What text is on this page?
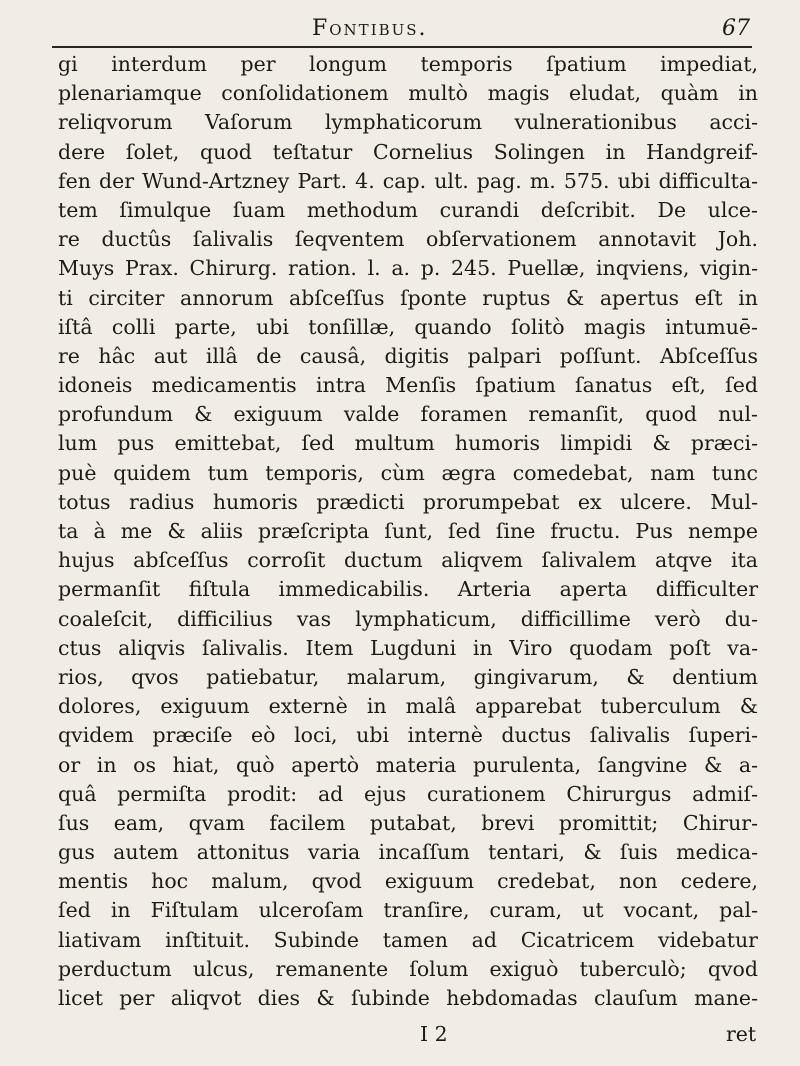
Fontibus.	67
gi interdum per longum temporis ſpatium impediat,
plenariamque conſolidationem multò magis eludat, quàm in
reliqvorum Vaſorum lymphaticorum vulnerationibus acci-
dere ſolet, quod teſtatur Cornelius Solingen in Handgreif-
fen der Wund-Artzney Part. 4. cap. ult. pag. m. 575. ubi difficulta-
tem ſimulque ſuam methodum curandi deſcribit. De ulce-
re ductûs ſalivalis ſeqventem obſervationem annotavit Joh.
Muys Prax. Chirurg. ration. l. a. p. 245. Puellæ, inqviens, vigin-
ti circiter annorum abſceſſus ſponte ruptus & apertus eſt in
iſtâ colli parte, ubi tonſillæ, quando ſolitò magis intumuē-
re hâc aut illâ de causâ, digitis palpari poſſunt. Abſceſſus
idoneis medicamentis intra Menſis ſpatium ſanatus eſt, ſed
profundum & exiguum valde foramen remanſit, quod nul-
lum pus emittebat, ſed multum humoris limpidi & præci-
puè quidem tum temporis, cùm ægra comedebat, nam tunc
totus radius humoris prædicti prorumpebat ex ulcere. Mul-
ta à me & aliis præſcripta ſunt, ſed ſine fructu. Pus nempe
hujus abſceſſus corroſit ductum aliqvem ſalivalem atqve ita
permanſit fiſtula immedicabilis. Arteria aperta difficulter
coaleſcit, difficilius vas lymphaticum, difficillime verò du-
ctus aliqvis ſalivalis. Item Lugduni in Viro quodam poſt va-
rios, qvos patiebatur, malarum, gingivarum, & dentium
dolores, exiguum externè in malâ apparebat tuberculum &
qvidem præciſe eò loci, ubi internè ductus ſalivalis ſuperi-
or in os hiat, quò apertò materia purulenta, ſangvine & a-
quâ permiſta prodit: ad ejus curationem Chirurgus admiſ-
ſus eam, qvam facilem putabat, brevi promittit; Chirur-
gus autem attonitus varia incaſſum tentari, & ſuis medica-
mentis hoc malum, qvod exiguum credebat, non cedere,
ſed in Fiſtulam ulceroſam tranſire, curam, ut vocant, pal-
liativam inſtituit. Subinde tamen ad Cicatricem videbatur
perductum ulcus, remanente ſolum exiguò tuberculò; qvod
licet per aliqvot dies & ſubinde hebdomadas clauſum mane-
I 2	ret
